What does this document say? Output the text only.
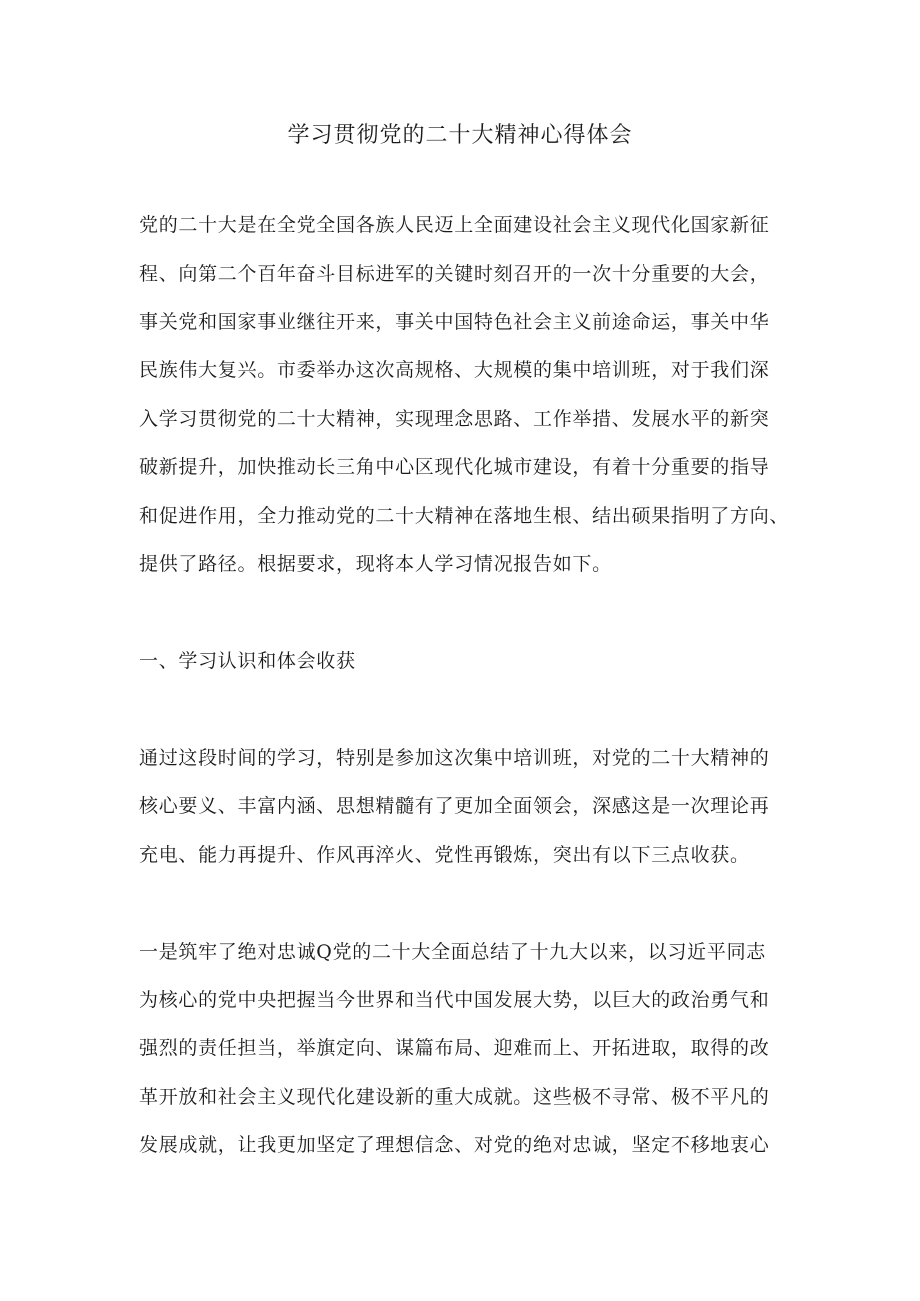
学习贯彻党的二十大精神心得体会

党的二十大是在全党全国各族人民迈上全面建设社会主义现代化国家新征

程、向第二个百年奋斗目标进军的关键时刻召开的一次十分重要的大会，

事关党和国家事业继往开来，事关中国特色社会主义前途命运，事关中华

民族伟大复兴。市委举办这次高规格、大规模的集中培训班，对于我们深

入学习贯彻党的二十大精神，实现理念思路、工作举措、发展水平的新突

破新提升，加快推动长三角中心区现代化城市建设，有着十分重要的指导

和促进作用，全力推动党的二十大精神在落地生根、结出硕果指明了方向、

提供了路径。根据要求，现将本人学习情况报告如下。

一、学习认识和体会收获

通过这段时间的学习，特别是参加这次集中培训班，对党的二十大精神的

核心要义、丰富内涵、思想精髓有了更加全面领会，深感这是一次理论再

充电、能力再提升、作风再淬火、党性再锻炼，突出有以下三点收获。

一是筑牢了绝对忠诚Q党的二十大全面总结了十九大以来，以习近平同志

为核心的党中央把握当今世界和当代中国发展大势，以巨大的政治勇气和

强烈的责任担当，举旗定向、谋篇布局、迎难而上、开拓进取，取得的改

革开放和社会主义现代化建设新的重大成就。这些极不寻常、极不平凡的

发展成就，让我更加坚定了理想信念、对党的绝对忠诚，坚定不移地衷心
